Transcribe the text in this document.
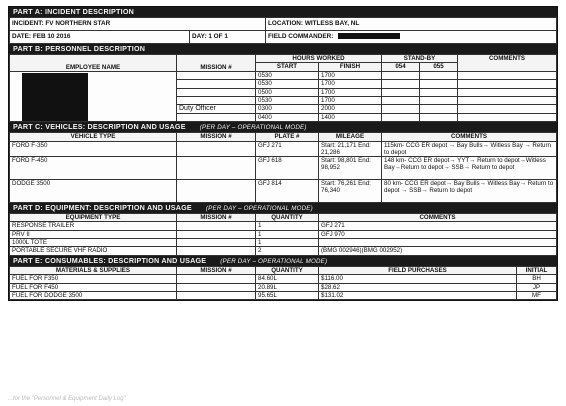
PART A: INCIDENT DESCRIPTION
INCIDENT: FV NORTHERN STAR		LOCATION: WITLESS BAY, NL
DATE: FEB 10 2016	DAY: 1 OF 1	FIELD COMMANDER:
PART B: PERSONNEL DESCRIPTION
EMPLOYEE NAME	MISSION #	HOURS WORKED		STAND-BY		COMMENTS
		START	FINISH	054	055	
		0530	1700			
		0530	1700			
		0500	1700			
		0530	1700			
	Duty Officer	0300	2000			
		0400	1400			
PART C: VEHICLES: DESCRIPTION AND USAGE (PER DAY – OPERATIONAL MODE)
VEHICLE TYPE	MISSION #	PLATE #	MILEAGE	COMMENTS
FORD F-350		GFJ 271	Start: 21,171 End: 21,286	115km- CCG ER depot → Bay Bulls→ Witless Bay → Return to depot
FORD F-450		GFJ 618	Start: 98,801 End: 98,952	148 km- CCG ER depot→ YYT→ Return to depot→Witless Bay→Return to depot→ SSB→ Return to depot
DODGE 3500		GFJ 814	Start: 76,261 End: 76,340	80 km- CCG ER depot→ Bay Bulls→ Witless Bay→ Return to depot → SSB→ Return to depot
PART D: EQUIPMENT: DESCRIPTION AND USAGE (PER DAY – OPERATIONAL MODE)
EQUIPMENT TYPE	MISSION #	QUANTITY	COMMENTS
RESPONSE TRAILER		1	GFJ 271
PRV II		1	GFJ 970
1000L TOTE		1	
PORTABLE SECURE VHF RADIO		2	(BMG 002946)(BMG 002952)
PART E: CONSUMABLES: DESCRIPTION AND USAGE (PER DAY – OPERATIONAL MODE)
MATERIALS & SUPPLIES	MISSION #	QUANTITY	FIELD PURCHASES	INITIAL
FUEL FOR F350		84.60L	$116.00	BH
FUEL FOR F450		20.89L	$28.62	JP
FUEL FOR DODGE 3500		95.65L	$131.02	MF
...for the "Personnel & Equipment Daily Log"
